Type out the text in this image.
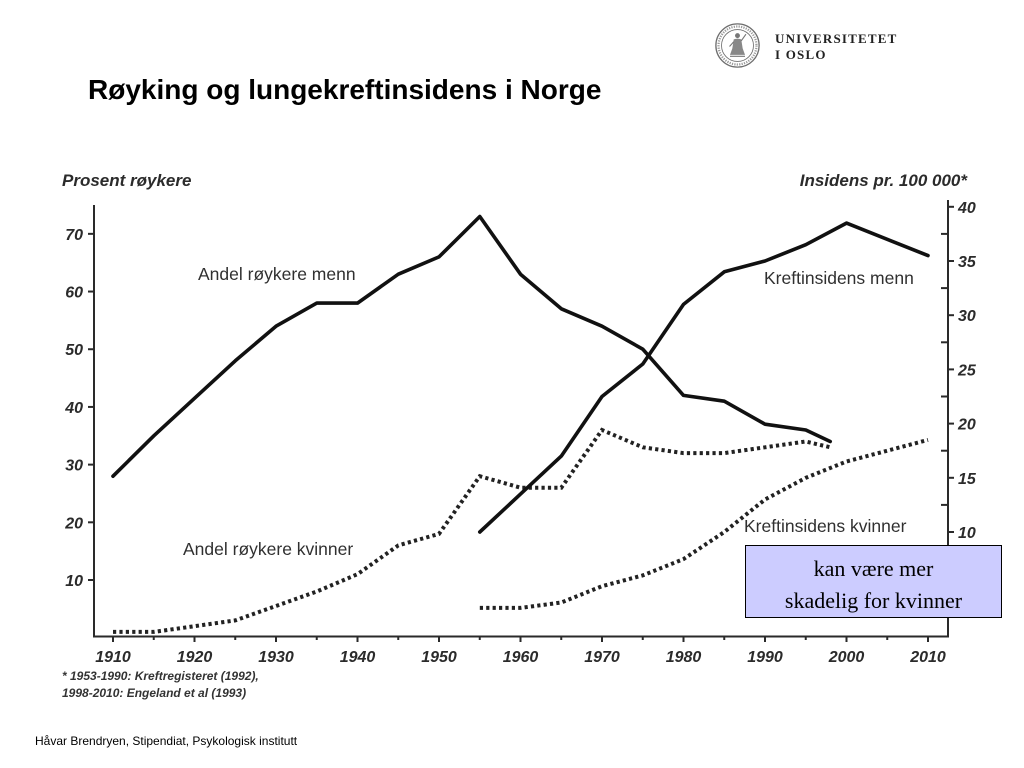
10
20
30
40
50
60
70
10
15
20
25
30
35
40
1910	1920	1930	1940	1950	1960	1970	1980	1990	2000	2010
Prosent røykere	Insidens pr. 100 000*
Andel røykere menn
Andel røykere kvinner
Kreftinsidens menn
Kreftinsidens kvinner
* 1953-1990: Kreftregisteret (1992),
1998-2010: Engeland et al (1993)
Røyking og lungekreftinsidens i Norge
UNIVERSITETET
I OSLO
kan være mer
skadelig for kvinner
Håvar Brendryen, Stipendiat, Psykologisk institutt
